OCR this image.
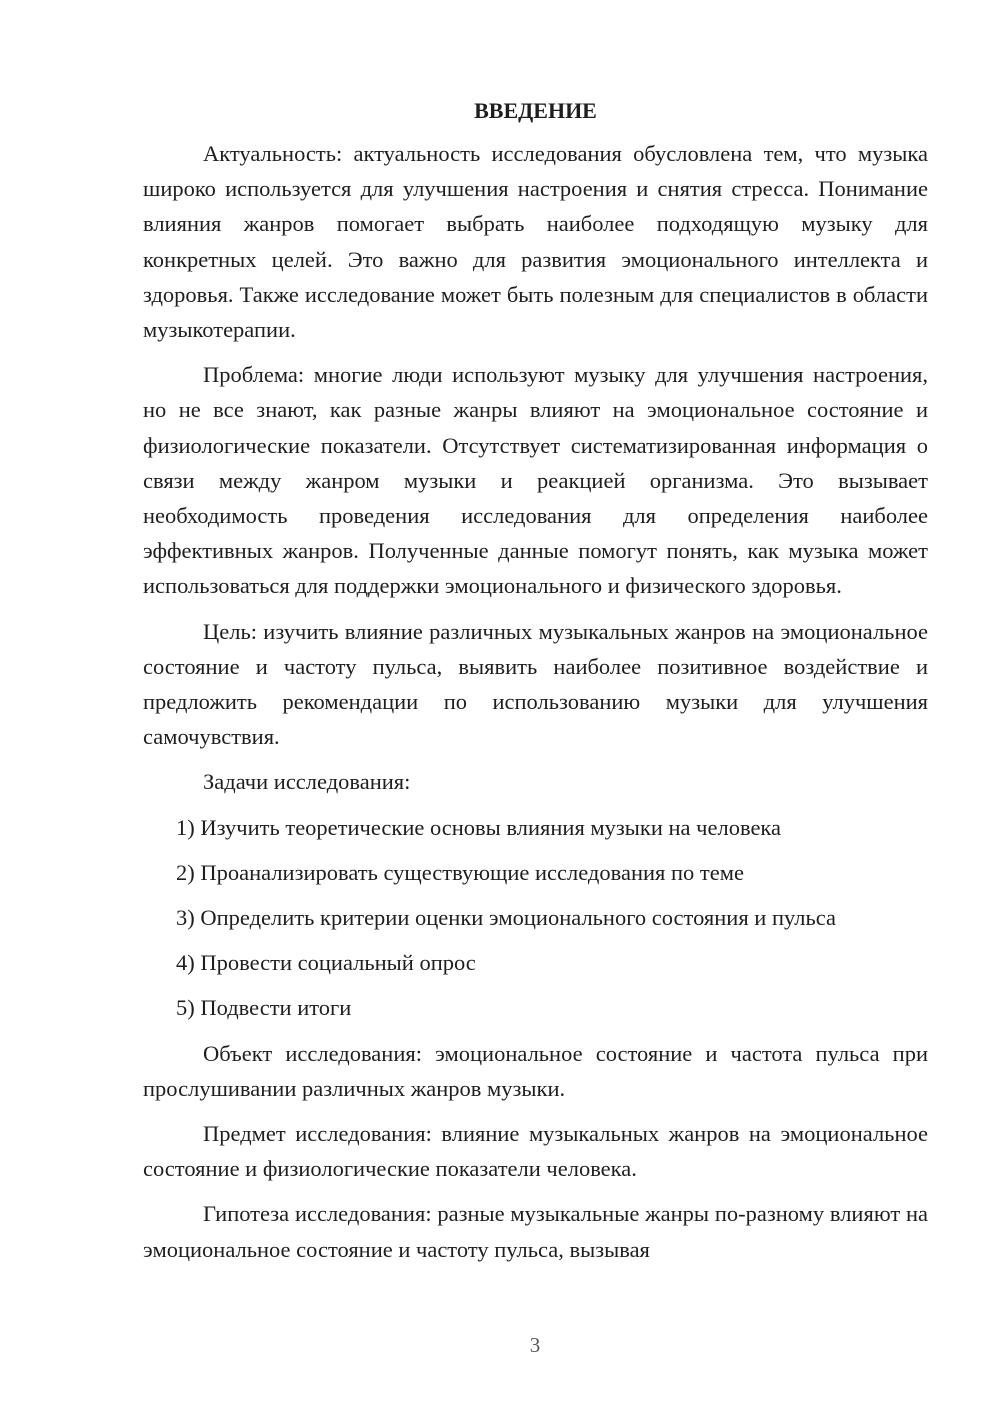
ВВЕДЕНИЕ

Актуальность: актуальность исследования обусловлена тем, что музыка широко используется для улучшения настроения и снятия стресса. Понимание влияния жанров помогает выбрать наиболее подходящую музыку для конкретных целей. Это важно для развития эмоционального интеллекта и здоровья. Также исследование может быть полезным для специалистов в области музыкотерапии.

Проблема: многие люди используют музыку для улучшения настроения, но не все знают, как разные жанры влияют на эмоциональное состояние и физиологические показатели. Отсутствует систематизированная информация о связи между жанром музыки и реакцией организма. Это вызывает необходимость проведения исследования для определения наиболее эффективных жанров. Полученные данные помогут понять, как музыка может использоваться для поддержки эмоционального и физического здоровья.

Цель: изучить влияние различных музыкальных жанров на эмоциональное состояние и частоту пульса, выявить наиболее позитивное воздействие и предложить рекомендации по использованию музыки для улучшения самочувствия.

Задачи исследования:

1) Изучить теоретические основы влияния музыки на человека

2) Проанализировать существующие исследования по теме

3) Определить критерии оценки эмоционального состояния и пульса

4) Провести социальный опрос

5) Подвести итоги

Объект исследования: эмоциональное состояние и частота пульса при прослушивании различных жанров музыки.

Предмет исследования: влияние музыкальных жанров на эмоциональное состояние и физиологические показатели человека.

Гипотеза исследования: разные музыкальные жанры по-разному влияют на эмоциональное состояние и частоту пульса, вызывая

3
